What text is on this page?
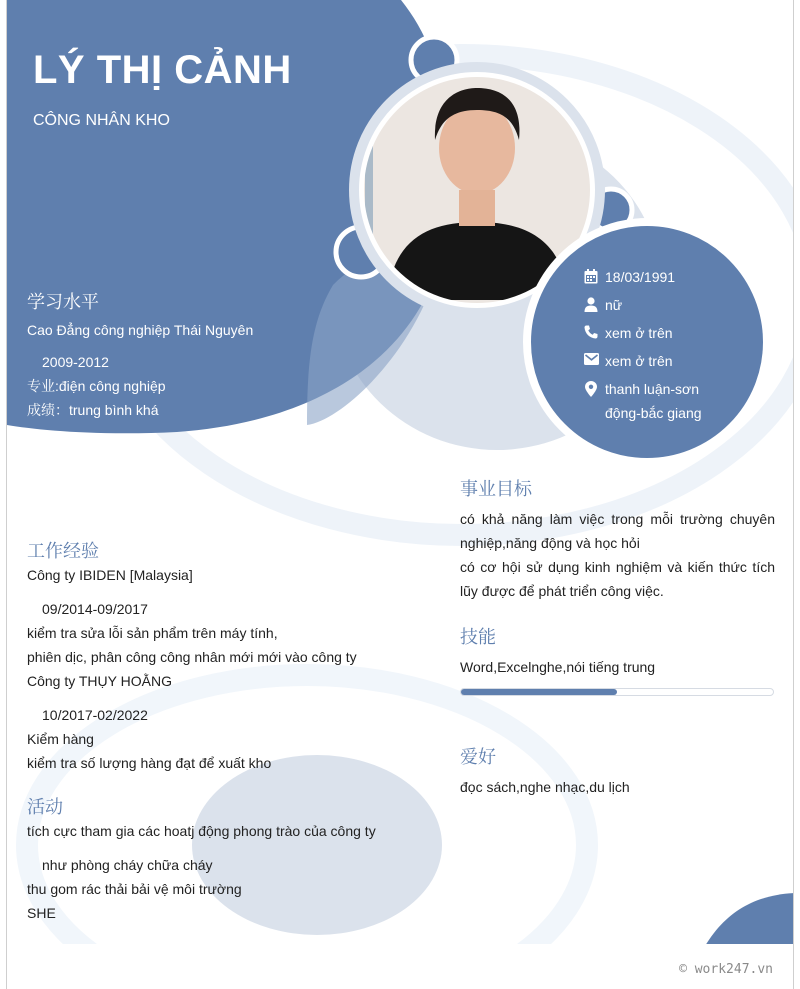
LÝ THỊ CẢNH
CÔNG NHÂN KHO
学习水平
Cao Đẳng công nghiệp Thái Nguyên
2009-2012
专业:điện công nghiệp
成绩：trung bình khá
18/03/1991
nữ
xem ở trên
xem ở trên
thanh luận-sơn động-bắc giang
事业目标
có khả năng làm việc trong mỗi trường chuyên nghiệp,năng động và học hỏi
có cơ hội sử dụng kinh nghiệm và kiến thức tích lũy được để phát triển công việc.
技能
Word,Excelnghe,nói tiếng trung
爱好
đọc sách,nghe nhạc,du lịch
工作经验
Công ty IBIDEN [Malaysia]
09/2014-09/2017
kiểm tra sửa lỗi sản phẩm trên máy tính,
phiên dịc, phân công công nhân mới mới vào công ty
Công ty THỤY HOẰNG
10/2017-02/2022
Kiểm hàng
kiểm tra số lượng hàng đạt để xuất kho
活动
tích cực tham gia các hoatj động phong trào của công ty
như phòng cháy chữa cháy
thu gom rác thải bải vệ môi trường
SHE
© work247.vn
